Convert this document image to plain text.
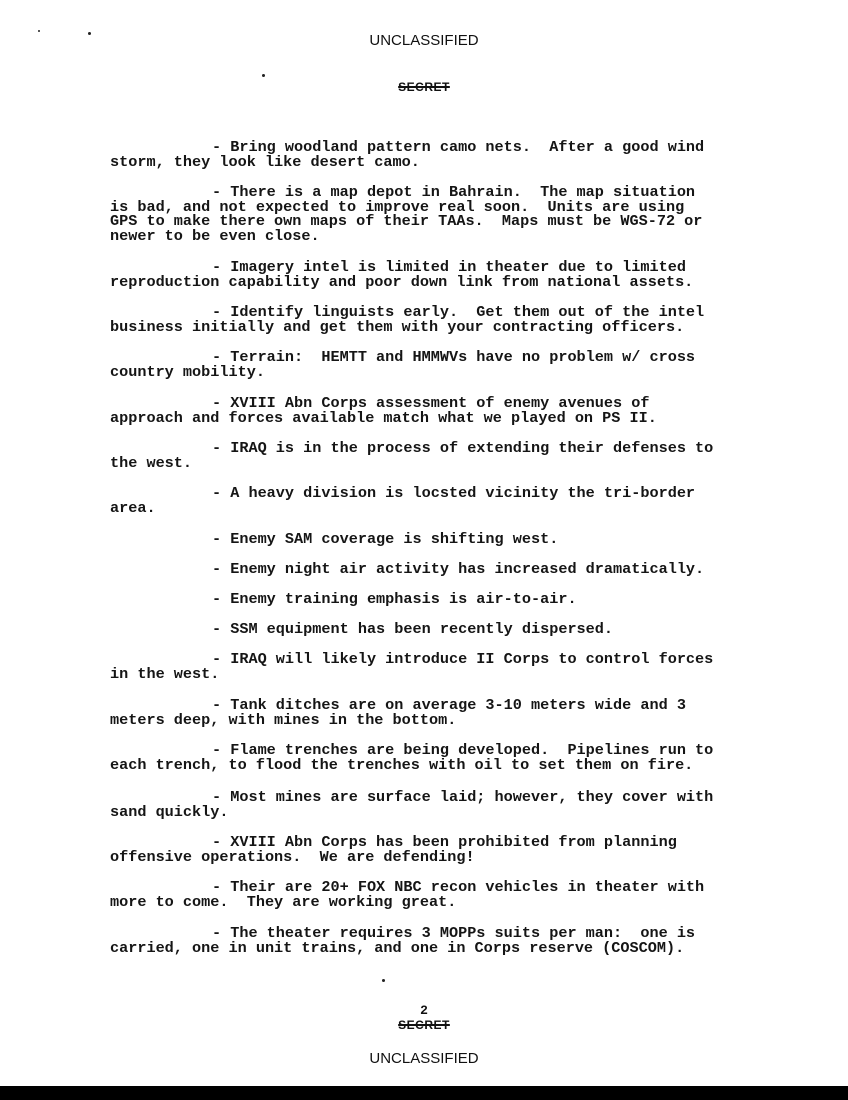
UNCLASSIFIED
SECRET

- Bring woodland pattern camo nets.  After a good wind
storm, they look like desert camo.

- There is a map depot in Bahrain.  The map situation
is bad, and not expected to improve real soon.  Units are using
GPS to make there own maps of their TAAs.  Maps must be WGS-72 or
newer to be even close.

- Imagery intel is limited in theater due to limited
reproduction capability and poor down link from national assets.

- Identify linguists early.  Get them out of the intel
business initially and get them with your contracting officers.

- Terrain:  HEMTT and HMMWVs have no problem w/ cross
country mobility.

- XVIII Abn Corps assessment of enemy avenues of
approach and forces available match what we played on PS II.

- IRAQ is in the process of extending their defenses to
the west.

- A heavy division is locsted vicinity the tri-border
area.

- Enemy SAM coverage is shifting west.

- Enemy night air activity has increased dramatically.

- Enemy training emphasis is air-to-air.

- SSM equipment has been recently dispersed.

- IRAQ will likely introduce II Corps to control forces
in the west.

- Tank ditches are on average 3-10 meters wide and 3
meters deep, with mines in the bottom.

- Flame trenches are being developed.  Pipelines run to
each trench, to flood the trenches with oil to set them on fire.

- Most mines are surface laid; however, they cover with
sand quickly.

- XVIII Abn Corps has been prohibited from planning
offensive operations.  We are defending!

- Their are 20+ FOX NBC recon vehicles in theater with
more to come.  They are working great.

- The theater requires 3 MOPPs suits per man:  one is
carried, one in unit trains, and one in Corps reserve (COSCOM).

2
SECRET
UNCLASSIFIED
